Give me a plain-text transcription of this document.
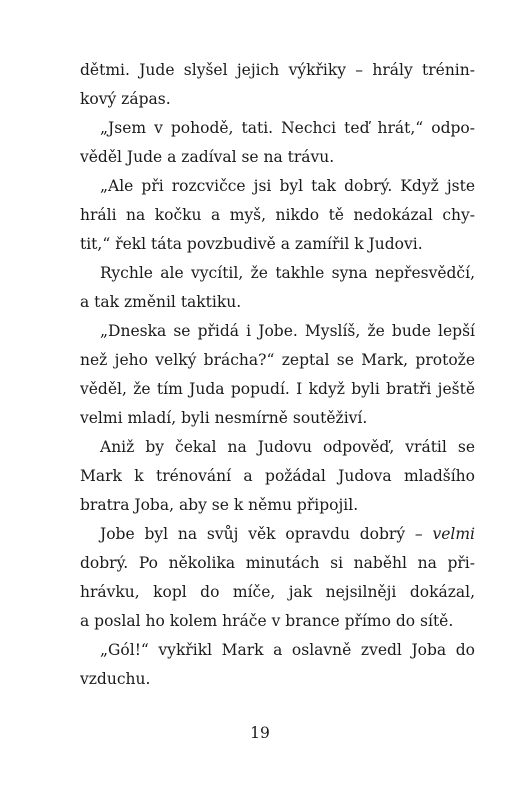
dětmi. Jude slyšel jejich výkřiky – hrály trénin-
kový zápas.

„Jsem v pohodě, tati. Nechci teď hrát,“ odpo-
věděl Jude a zadíval se na trávu.

„Ale při rozcvičce jsi byl tak dobrý. Když jste
hráli na kočku a myš, nikdo tě nedokázal chy-
tit,“ řekl táta povzbudivě a zamířil k Judovi.

Rychle ale vycítil, že takhle syna nepřesvědčí,
a tak změnil taktiku.

„Dneska se přidá i Jobe. Myslíš, že bude lepší
než jeho velký brácha?“ zeptal se Mark, protože
věděl, že tím Juda popudí. I když byli bratři ještě
velmi mladí, byli nesmírně soutěživí.

Aniž by čekal na Judovu odpověď, vrátil se
Mark k trénování a požádal Judova mladšího
bratra Joba, aby se k němu připojil.

Jobe byl na svůj věk opravdu dobrý – velmi
dobrý. Po několika minutách si naběhl na při-
hrávku, kopl do míče, jak nejsilněji dokázal,
a poslal ho kolem hráče v brance přímo do sítě.

„Gól!“ vykřikl Mark a oslavně zvedl Joba do
vzduchu.

19
